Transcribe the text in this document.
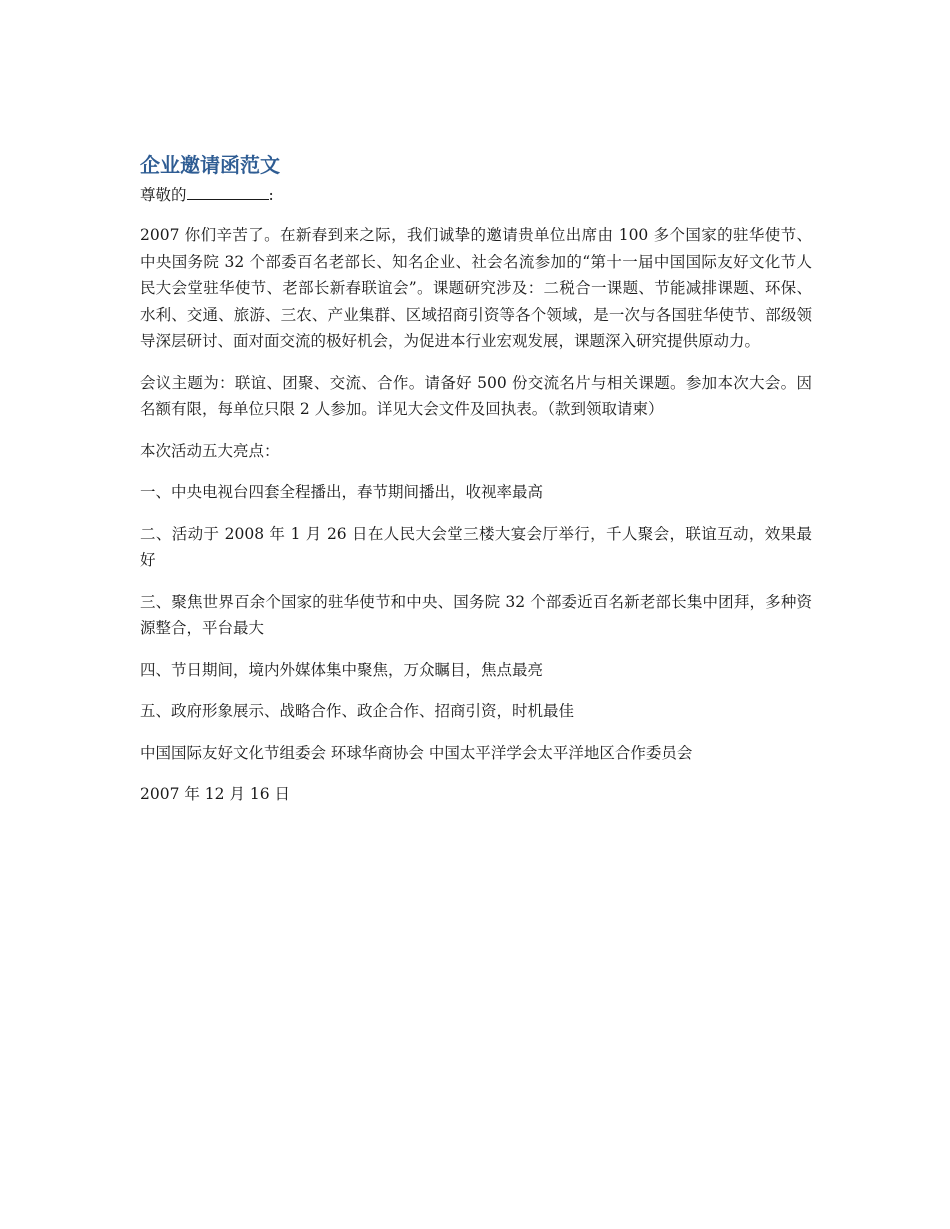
企业邀请函范文
尊敬的	:

2007 你们辛苦了。在新春到来之际，我们诚挚的邀请贵单位出席由 100 多个国家的驻华使节、中央国务院 32 个部委百名老部长、知名企业、社会名流参加的“第十一届中国国际友好文化节人民大会堂驻华使节、老部长新春联谊会”。课题研究涉及：二税合一课题、节能减排课题、环保、水利、交通、旅游、三农、产业集群、区域招商引资等各个领域，是一次与各国驻华使节、部级领导深层研讨、面对面交流的极好机会，为促进本行业宏观发展，课题深入研究提供原动力。

会议主题为：联谊、团聚、交流、合作。请备好 500 份交流名片与相关课题。参加本次大会。因名额有限，每单位只限 2 人参加。详见大会文件及回执表。（款到领取请柬）

本次活动五大亮点：

一、中央电视台四套全程播出，春节期间播出，收视率最高

二、活动于 2008 年 1 月 26 日在人民大会堂三楼大宴会厅举行，千人聚会，联谊互动，效果最好

三、聚焦世界百余个国家的驻华使节和中央、国务院 32 个部委近百名新老部长集中团拜，多种资源整合，平台最大

四、节日期间，境内外媒体集中聚焦，万众瞩目，焦点最亮

五、政府形象展示、战略合作、政企合作、招商引资，时机最佳

中国国际友好文化节组委会 环球华商协会 中国太平洋学会太平洋地区合作委员会

2007 年 12 月 16 日
